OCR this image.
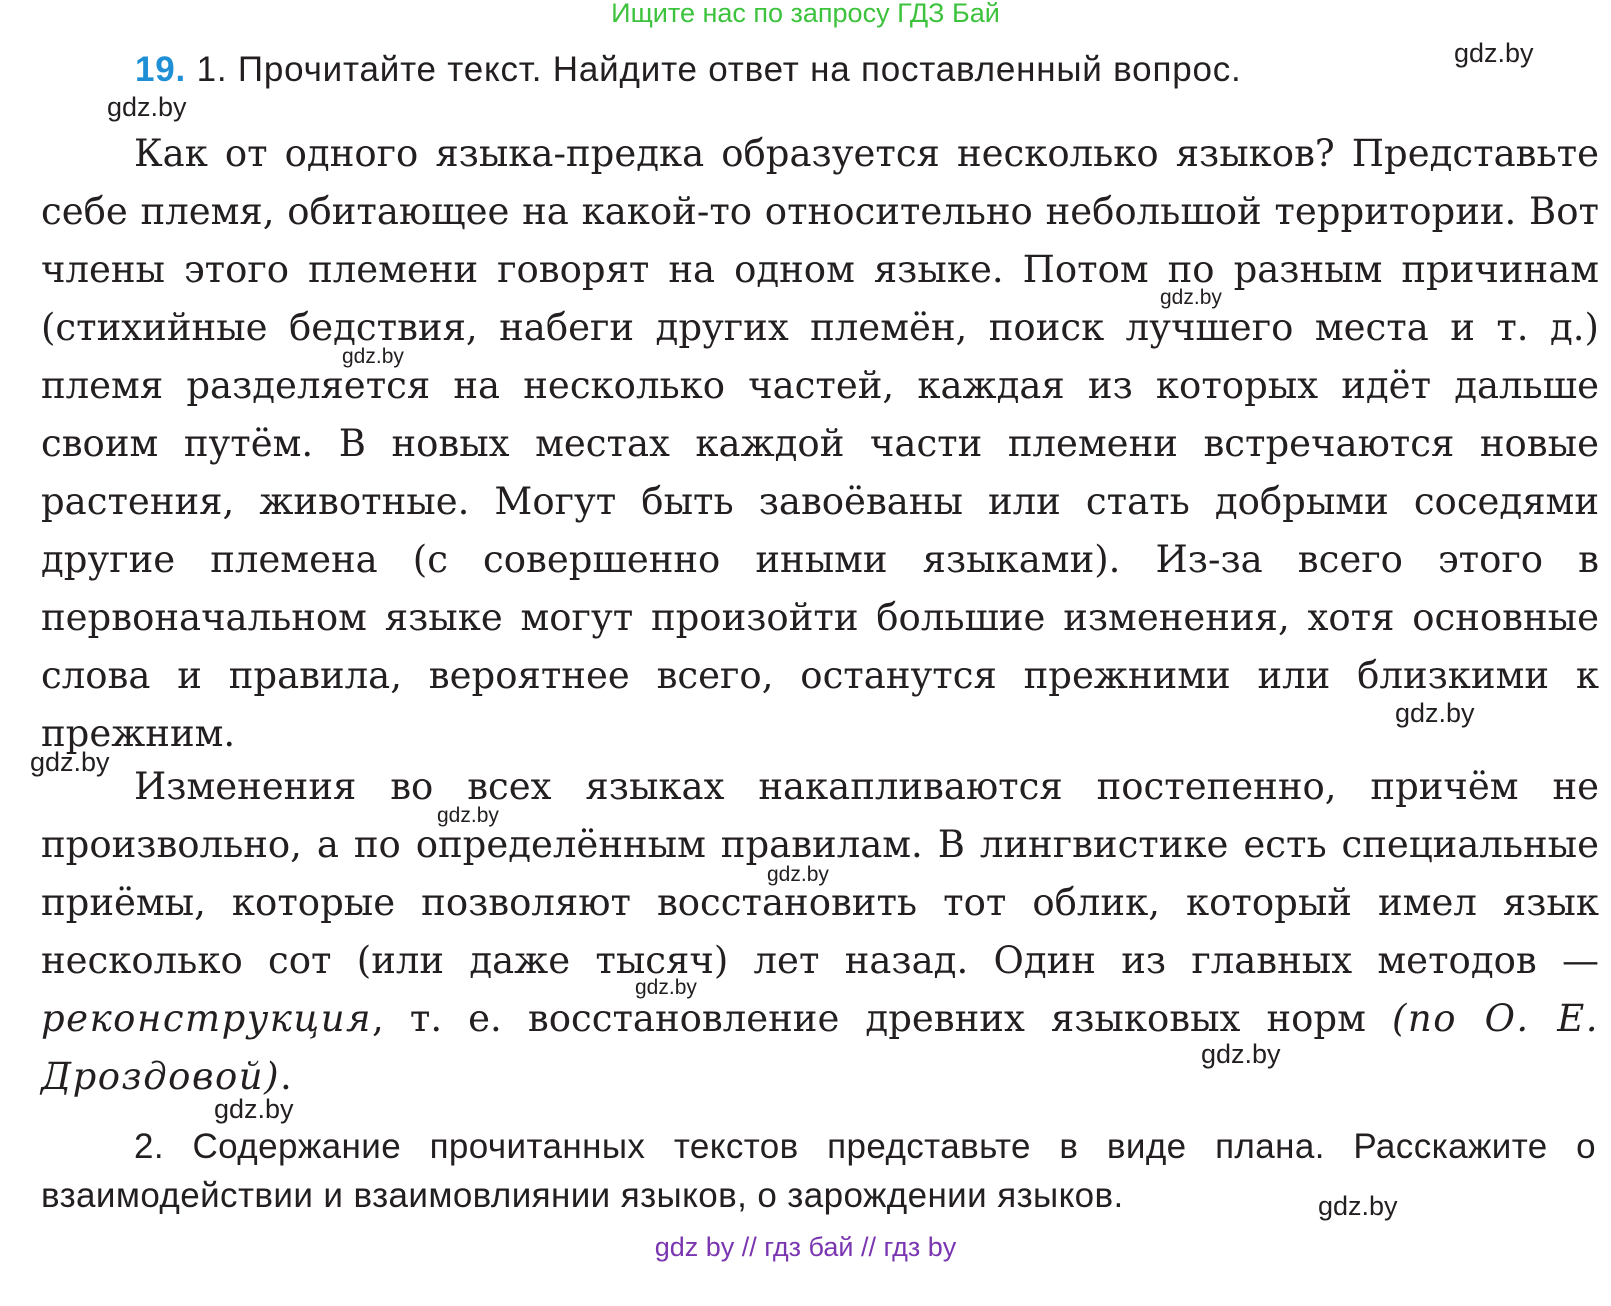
Ищите нас по запросу ГДЗ Бай
19. 1. Прочитайте текст. Найдите ответ на поставленный вопрос.
Как от одного языка-предка образуется несколько языков? Представьте себе племя, обитающее на какой-то относительно небольшой территории. Вот члены этого племени говорят на одном языке. Потом по разным причинам (стихийные бедствия, набеги других племён, поиск лучшего места и т. д.) племя разделяется на несколько частей, каждая из которых идёт дальше своим путём. В новых местах каждой части племени встречаются новые растения, животные. Могут быть завоёваны или стать добрыми соседями другие племена (с совершенно иными языками). Из-за всего этого в первоначальном языке могут произойти большие изменения, хотя основные слова и правила, вероятнее всего, останутся прежними или близкими к прежним.
Изменения во всех языках накапливаются постепенно, причём не произвольно, а по определённым правилам. В лингвистике есть специальные приёмы, которые позволяют восстановить тот облик, который имел язык несколько сот (или даже тысяч) лет назад. Один из главных методов — реконструкция, т. е. восстановление древних языковых норм (по О. Е. Дроздовой).
2. Содержание прочитанных текстов представьте в виде плана. Расскажите о взаимодействии и взаимовлиянии языков, о зарождении языков.
gdz.by
gdz.by
gdz.by
gdz.by
gdz.by
gdz.by
gdz.by
gdz.by
gdz.by
gdz.by
gdz.by
gdz.by
gdz by // гдз бай // гдз by
